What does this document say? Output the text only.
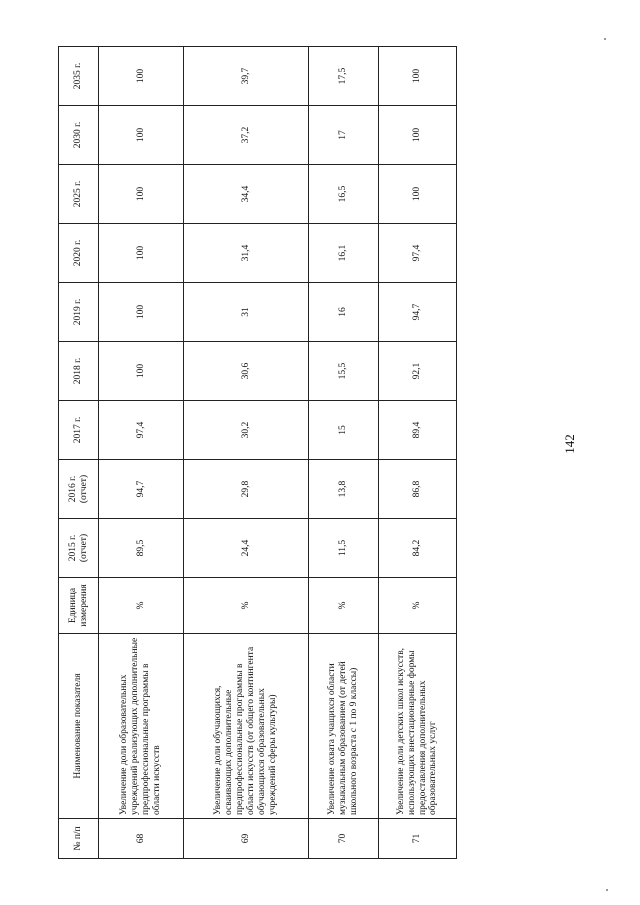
№ п/п	Наименование показателя	Единица измерения	2015 г. (отчет)	2016 г. (отчет)	2017 г.	2018 г.	2019 г.	2020 г.	2025 г.	2030 г.	2035 г.
68	Увеличение доли образовательных учреждений реализующих дополнительные предпрофессиональные программы в области искусств	%	89,5	94,7	97,4	100	100	100	100	100	100
69	Увеличение доли обучающихся, осваивающих дополнительные предпрофессиональные программы в области искусств (от общего контингента обучающихся образовательных учреждений сферы культуры)	%	24,4	29,8	30,2	30,6	31	31,4	34,4	37,2	39,7
70	Увеличение охвата учащихся области музыкальным образованием (от детей школьного возраста с 1 по 9 классы)	%	11,5	13,8	15	15,5	16	16,1	16,5	17	17,5
71	Увеличение доли детских школ искусств, использующих внестационарные формы предоставления дополнительных образовательных услуг	%	84,2	86,8	89,4	92,1	94,7	97,4	100	100	100
142
